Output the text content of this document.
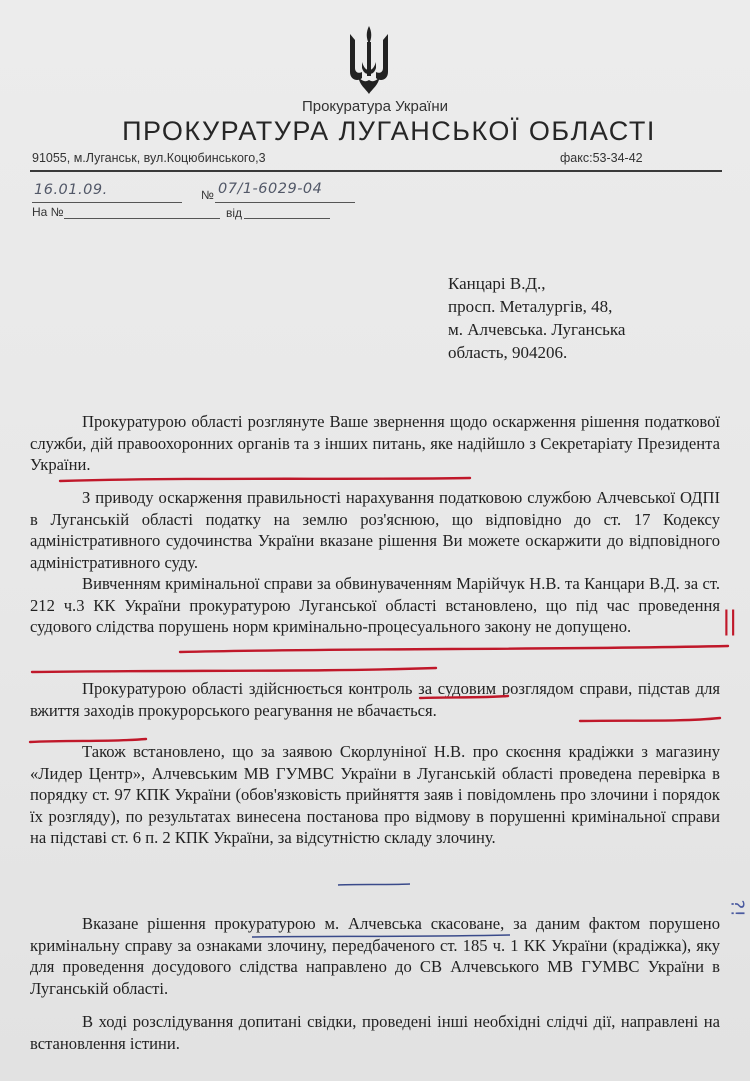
Прокуратура України
ПРОКУРАТУРА ЛУГАНСЬКОЇ ОБЛАСТІ
91055, м.Луганськ, вул.Коцюбинського,3	факс:53-34-42
16.01.09.	№ 07/1-6029-04
На №	від
Канцарі В.Д.,
просп. Металургів, 48,
м. Алчевська. Луганська
область, 904206.
Прокуратурою області розглянуте Ваше звернення щодо оскарження рішення податкової служби, дій правоохоронних органів та з інших питань, яке надійшло з Секретаріату Президента України.
З приводу оскарження правильності нарахування податковою службою Алчевської ОДПІ в Луганській області податку на землю роз'яснюю, що відповідно до ст. 17 Кодексу адміністративного судочинства України вказане рішення Ви можете оскаржити до відповідного адміністративного суду.
Вивченням кримінальної справи за обвинуваченням Марійчук Н.В. та Канцари В.Д. за ст. 212 ч.3 КК України прокуратурою Луганської області встановлено, що під час проведення судового слідства порушень норм кримінально-процесуального закону не допущено.
Прокуратурою області здійснюється контроль за судовим розглядом справи, підстав для вжиття заходів прокурорського реагування не вбачається.
Також встановлено, що за заявою Скорлуніної Н.В. про скоєння крадіжки з магазину «Лидер Центр», Алчевським МВ ГУМВС України в Луганській області проведена перевірка в порядку ст. 97 КПК України (обов'язковість прийняття заяв і повідомлень про злочини і порядок їх розгляду), по результатах винесена постанова про відмову в порушенні кримінальної справи на підставі ст. 6 п. 2 КПК України, за відсутністю складу злочину.
Вказане рішення прокуратурою м. Алчевська скасоване, за даним фактом порушено кримінальну справу за ознаками злочину, передбаченого ст. 185 ч. 1 КК України (крадіжка), яку для проведення досудового слідства направлено до СВ Алчевського МВ ГУМВС України в Луганській області.
В ході розслідування допитані свідки, проведені інші необхідні слідчі дії, направлені на встановлення істини.
||
?!
